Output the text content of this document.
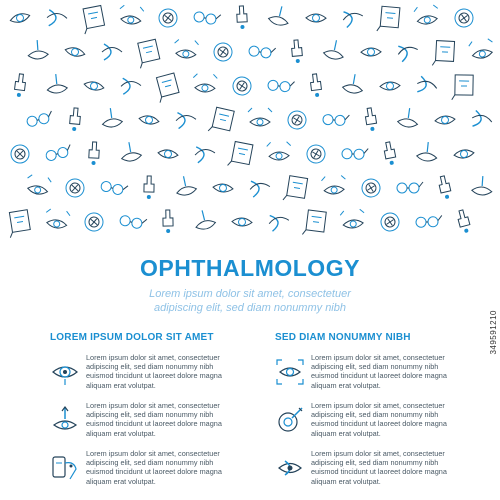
OPHTHALMOLOGY
Lorem ipsum dolor sit amet, consectetuer
adipiscing elit, sed diam nonummy nibh
LOREM IPSUM DOLOR SIT AMET
Lorem ipsum dolor sit amet, consectetuer
adipiscing elit, sed diam nonummy nibh
euismod tincidunt ut laoreet dolore magna
aliquam erat volutpat.
Lorem ipsum dolor sit amet, consectetuer
adipiscing elit, sed diam nonummy nibh
euismod tincidunt ut laoreet dolore magna
aliquam erat volutpat.
Lorem ipsum dolor sit amet, consectetuer
adipiscing elit, sed diam nonummy nibh
euismod tincidunt ut laoreet dolore magna
aliquam erat volutpat.
SED DIAM NONUMMY NIBH
Lorem ipsum dolor sit amet, consectetuer
adipiscing elit, sed diam nonummy nibh
euismod tincidunt ut laoreet dolore magna
aliquam erat volutpat.
Lorem ipsum dolor sit amet, consectetuer
adipiscing elit, sed diam nonummy nibh
euismod tincidunt ut laoreet dolore magna
aliquam erat volutpat.
Lorem ipsum dolor sit amet, consectetuer
adipiscing elit, sed diam nonummy nibh
euismod tincidunt ut laoreet dolore magna
aliquam erat volutpat.
349591210
